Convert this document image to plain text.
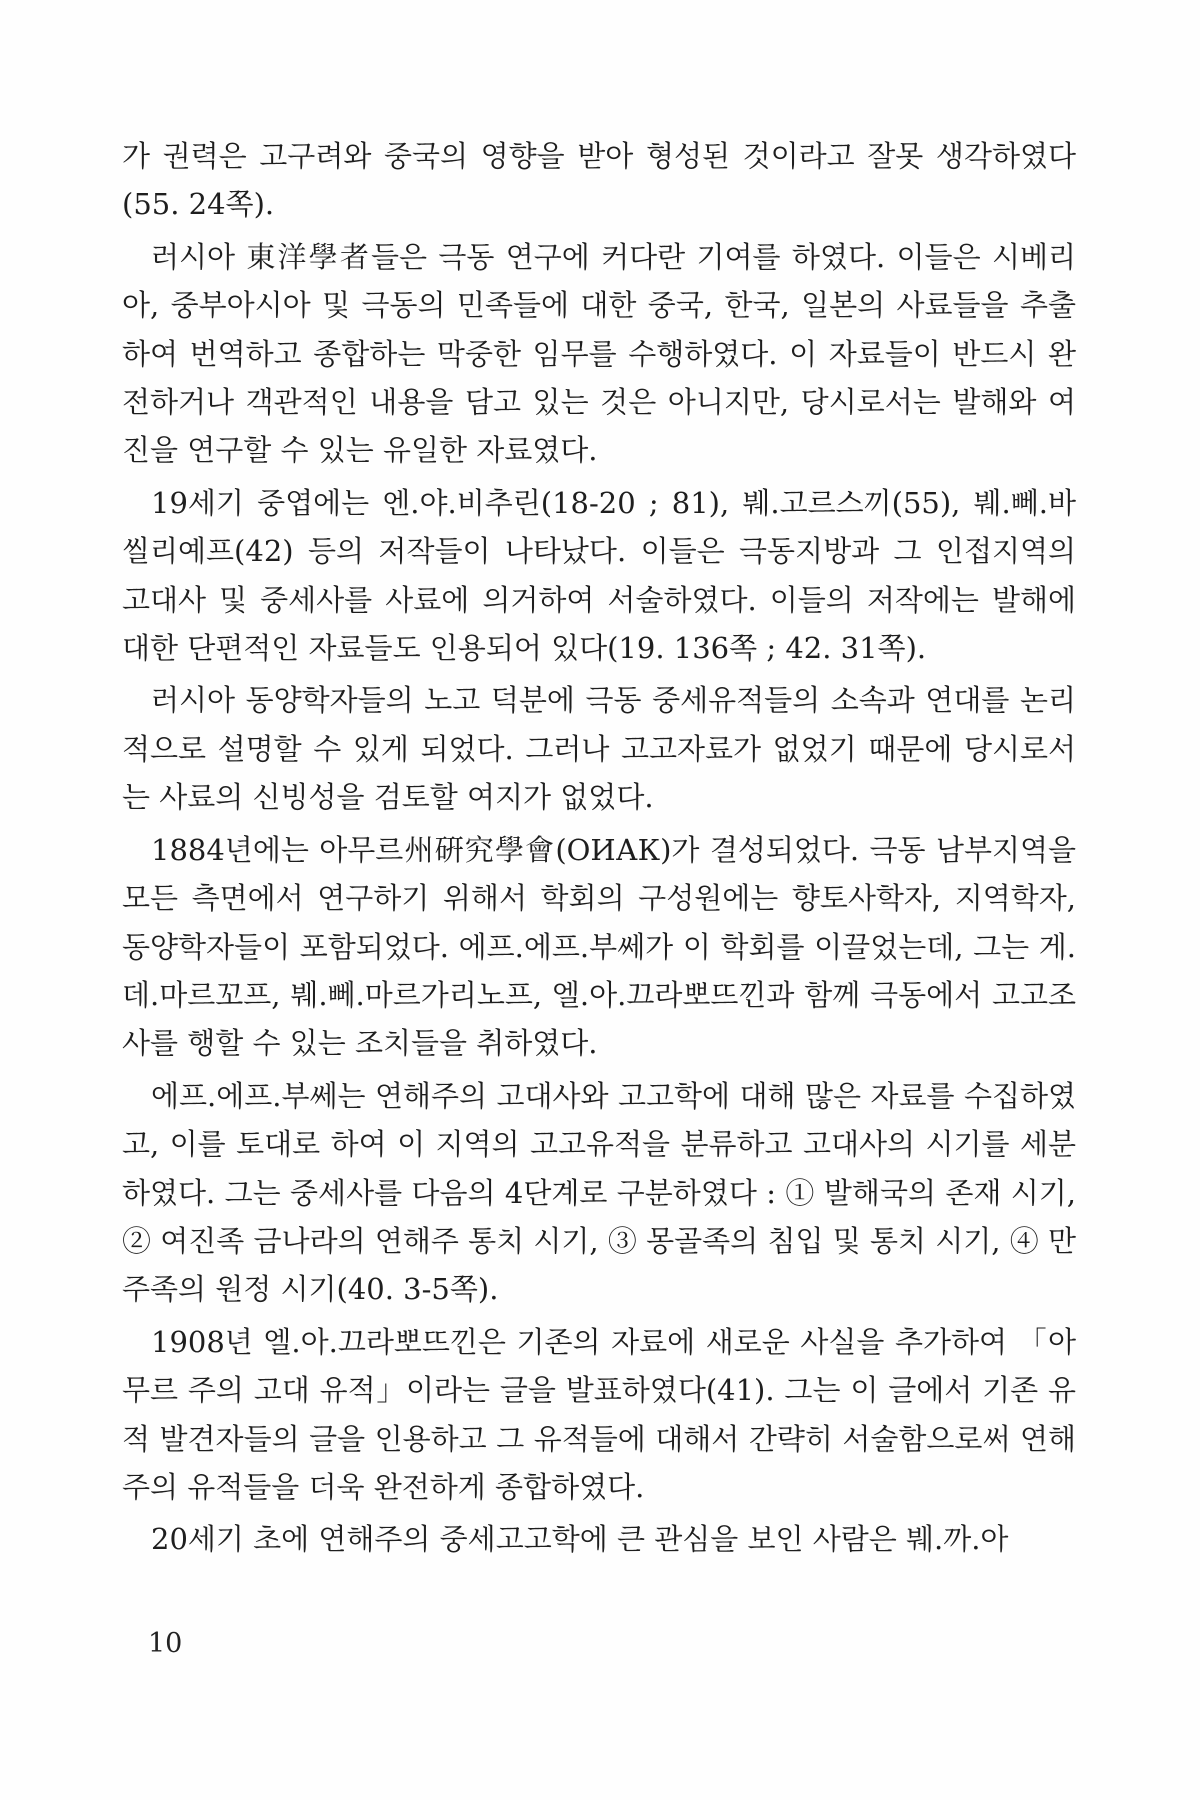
가 권력은 고구려와 중국의 영향을 받아 형성된 것이라고 잘못 생각하였다(55. 24쪽).

러시아 東洋學者들은 극동 연구에 커다란 기여를 하였다. 이들은 시베리아, 중부아시아 및 극동의 민족들에 대한 중국, 한국, 일본의 사료들을 추출하여 번역하고 종합하는 막중한 임무를 수행하였다. 이 자료들이 반드시 완전하거나 객관적인 내용을 담고 있는 것은 아니지만, 당시로서는 발해와 여진을 연구할 수 있는 유일한 자료였다.

19세기 중엽에는 엔.야.비추린(18-20 ; 81), 붸.고르스끼(55), 붸.뻬.바씰리예프(42) 등의 저작들이 나타났다. 이들은 극동지방과 그 인접지역의 고대사 및 중세사를 사료에 의거하여 서술하였다. 이들의 저작에는 발해에 대한 단편적인 자료들도 인용되어 있다(19. 136쪽 ; 42. 31쪽).

러시아 동양학자들의 노고 덕분에 극동 중세유적들의 소속과 연대를 논리적으로 설명할 수 있게 되었다. 그러나 고고자료가 없었기 때문에 당시로서는 사료의 신빙성을 검토할 여지가 없었다.

1884년에는 아무르州硏究學會(ОИАК)가 결성되었다. 극동 남부지역을 모든 측면에서 연구하기 위해서 학회의 구성원에는 향토사학자, 지역학자, 동양학자들이 포함되었다. 에프.에프.부쎄가 이 학회를 이끌었는데, 그는 게.데.마르꼬프, 붸.뻬.마르가리노프, 엘.아.끄라뽀뜨낀과 함께 극동에서 고고조사를 행할 수 있는 조치들을 취하였다.

에프.에프.부쎄는 연해주의 고대사와 고고학에 대해 많은 자료를 수집하였고, 이를 토대로 하여 이 지역의 고고유적을 분류하고 고대사의 시기를 세분하였다. 그는 중세사를 다음의 4단계로 구분하였다 : ① 발해국의 존재 시기, ② 여진족 금나라의 연해주 통치 시기, ③ 몽골족의 침입 및 통치 시기, ④ 만주족의 원정 시기(40. 3-5쪽).

1908년 엘.아.끄라뽀뜨낀은 기존의 자료에 새로운 사실을 추가하여 「아무르 주의 고대 유적」이라는 글을 발표하였다(41). 그는 이 글에서 기존 유적 발견자들의 글을 인용하고 그 유적들에 대해서 간략히 서술함으로써 연해주의 유적들을 더욱 완전하게 종합하였다.

20세기 초에 연해주의 중세고고학에 큰 관심을 보인 사람은 붸.까.아

10
